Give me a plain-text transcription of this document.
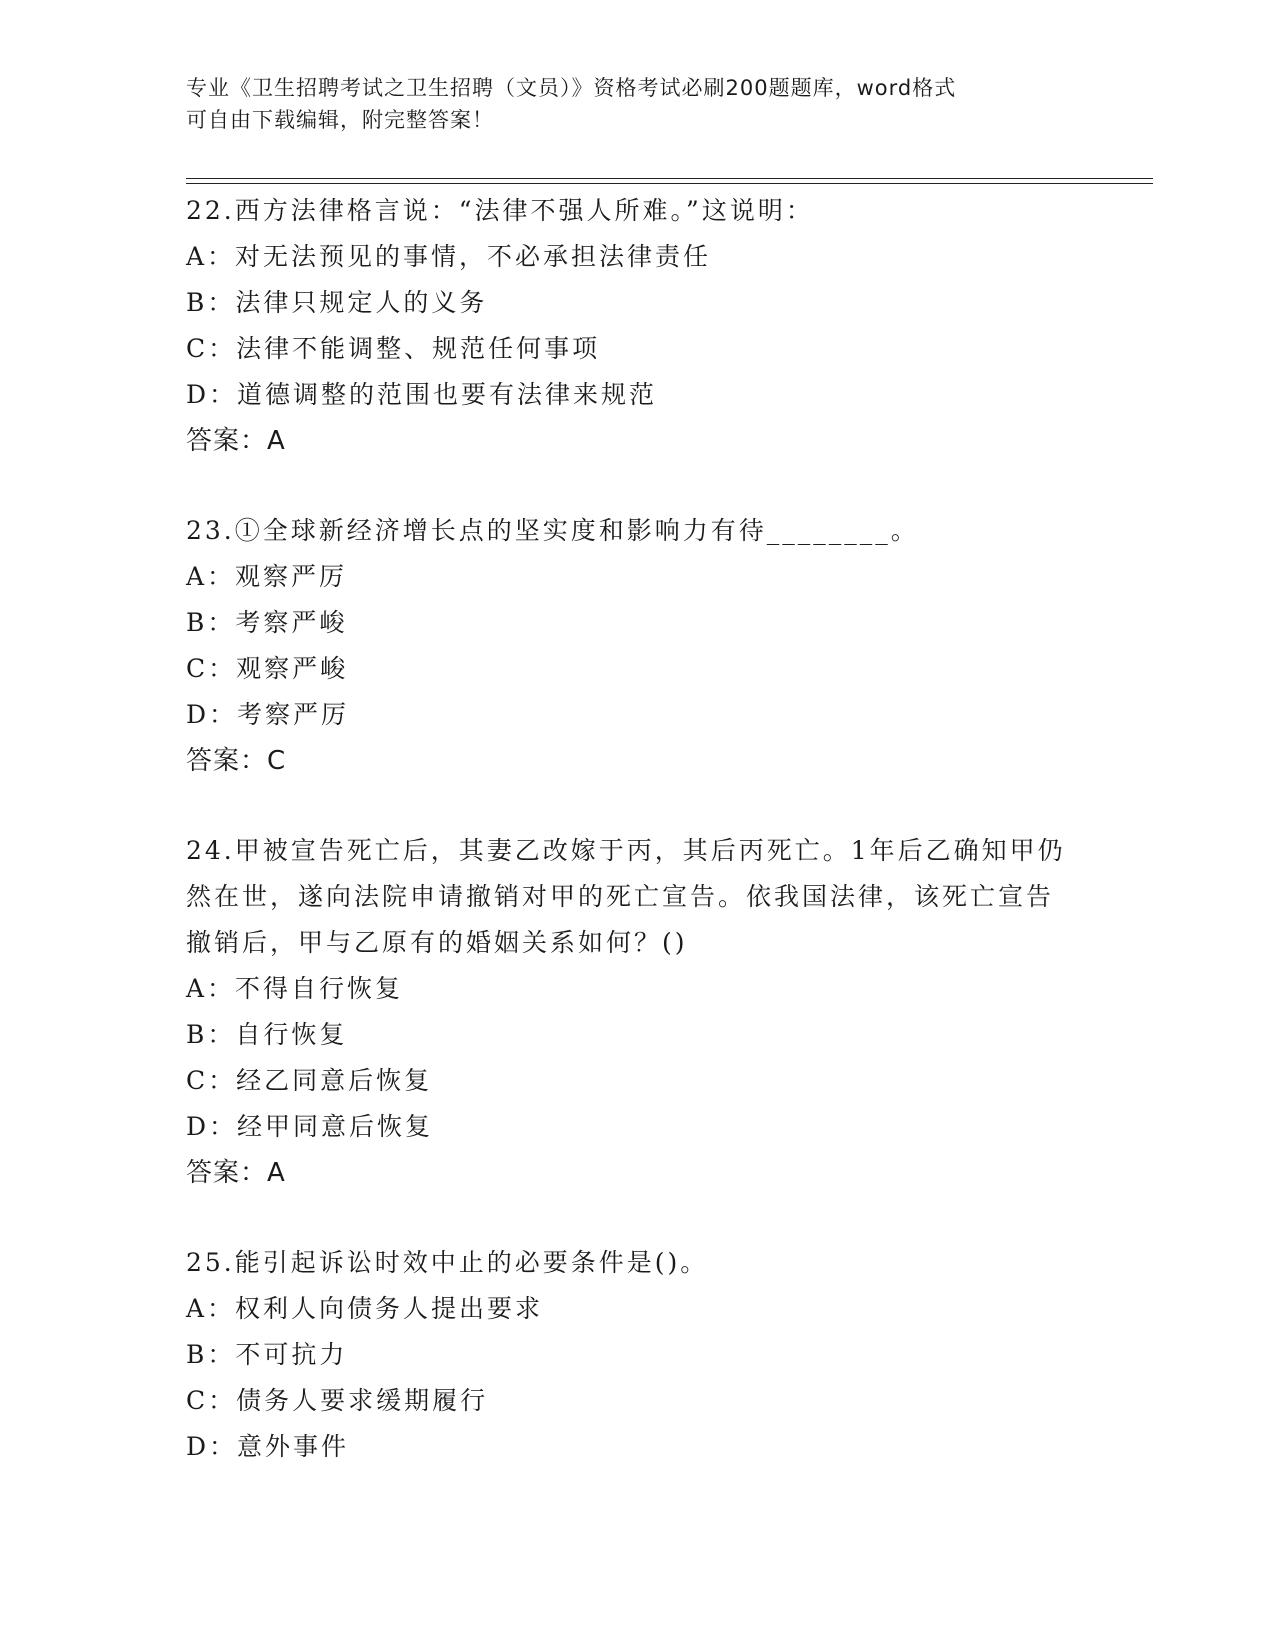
专业《卫生招聘考试之卫生招聘（文员）》资格考试必刷200题题库，word格式
可自由下载编辑，附完整答案！
22.西方法律格言说：“法律不强人所难。”这说明：
A：对无法预见的事情，不必承担法律责任
B：法律只规定人的义务
C：法律不能调整、规范任何事项
D：道德调整的范围也要有法律来规范
答案：A
23.①全球新经济增长点的坚实度和影响力有待________。
A：观察严厉
B：考察严峻
C：观察严峻
D：考察严厉
答案：C
24.甲被宣告死亡后，其妻乙改嫁于丙，其后丙死亡。1年后乙确知甲仍然在世，遂向法院申请撤销对甲的死亡宣告。依我国法律，该死亡宣告撤销后，甲与乙原有的婚姻关系如何？()
A：不得自行恢复
B：自行恢复
C：经乙同意后恢复
D：经甲同意后恢复
答案：A
25.能引起诉讼时效中止的必要条件是()。
A：权利人向债务人提出要求
B：不可抗力
C：债务人要求缓期履行
D：意外事件
